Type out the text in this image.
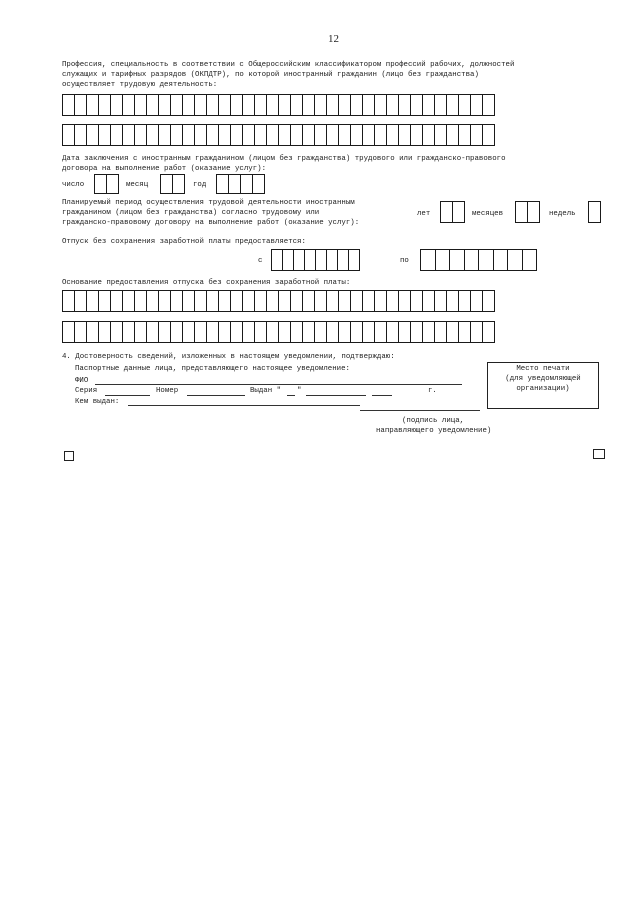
12
Профессия, специальность в соответствии с Общероссийским классификатором профессий рабочих, должностей
служащих и тарифных разрядов (ОКПДТР), по которой иностранный гражданин (лицо без гражданства)
осуществляет трудовую деятельность:
Дата заключения с иностранным гражданином (лицом без гражданства) трудового или гражданско-правового
договора на выполнение работ (оказание услуг):
число	месяц	год
Планируемый период осуществления трудовой деятельности иностранным
гражданином (лицом без гражданства) согласно трудовому или
гражданско-правовому договору на выполнение работ (оказание услуг):
лет	месяцев	недель
Отпуск без сохранения заработной платы предоставляется:
с	по
Основание предоставления отпуска без сохранения заработной платы:
4. Достоверность сведений, изложенных в настоящем уведомлении, подтверждаю:
Паспортные данные лица, представляющего настоящее уведомление:
ФИО
Серия	Номер	Выдан " "	г.
Кем выдан:
Место печати
(для уведомляющей
организации)
(подпись лица,
направляющего уведомление)
